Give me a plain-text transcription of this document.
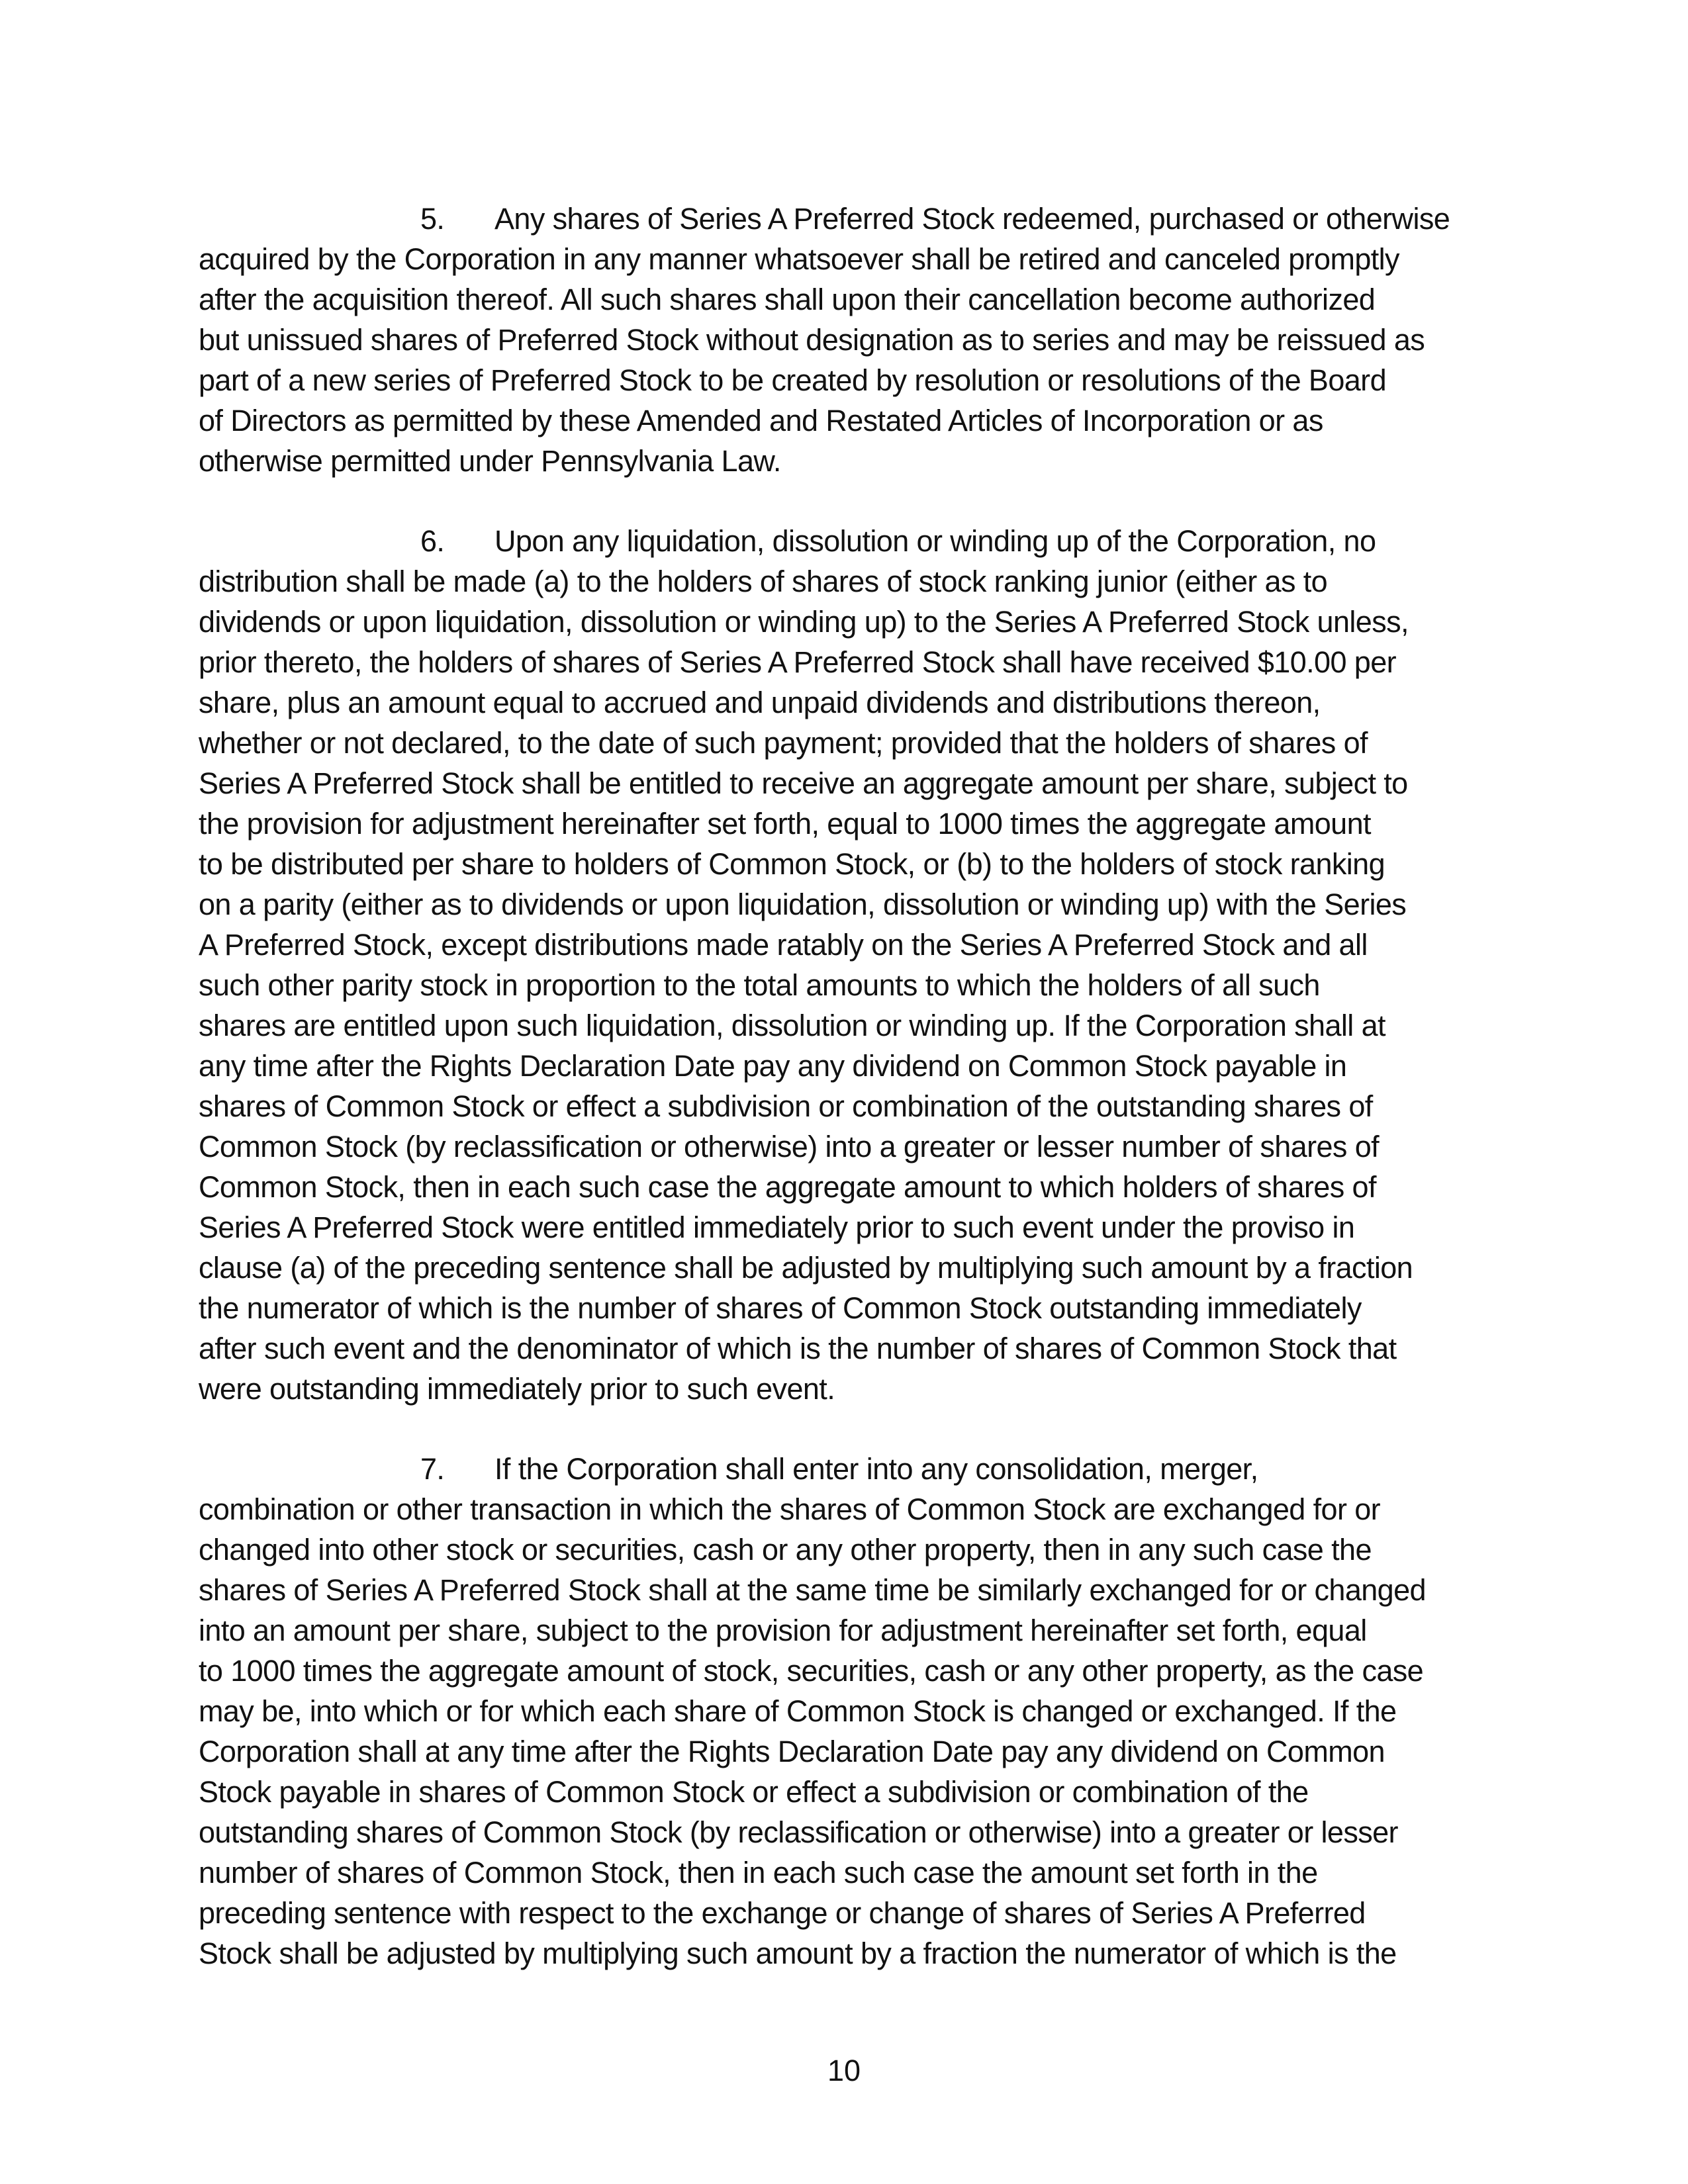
5. Any shares of Series A Preferred Stock redeemed, purchased or otherwise
acquired by the Corporation in any manner whatsoever shall be retired and canceled promptly
after the acquisition thereof. All such shares shall upon their cancellation become authorized
but unissued shares of Preferred Stock without designation as to series and may be reissued as
part of a new series of Preferred Stock to be created by resolution or resolutions of the Board
of Directors as permitted by these Amended and Restated Articles of Incorporation or as
otherwise permitted under Pennsylvania Law.
6. Upon any liquidation, dissolution or winding up of the Corporation, no
distribution shall be made (a) to the holders of shares of stock ranking junior (either as to
dividends or upon liquidation, dissolution or winding up) to the Series A Preferred Stock unless,
prior thereto, the holders of shares of Series A Preferred Stock shall have received $10.00 per
share, plus an amount equal to accrued and unpaid dividends and distributions thereon,
whether or not declared, to the date of such payment; provided that the holders of shares of
Series A Preferred Stock shall be entitled to receive an aggregate amount per share, subject to
the provision for adjustment hereinafter set forth, equal to 1000 times the aggregate amount
to be distributed per share to holders of Common Stock, or (b) to the holders of stock ranking
on a parity (either as to dividends or upon liquidation, dissolution or winding up) with the Series
A Preferred Stock, except distributions made ratably on the Series A Preferred Stock and all
such other parity stock in proportion to the total amounts to which the holders of all such
shares are entitled upon such liquidation, dissolution or winding up. If the Corporation shall at
any time after the Rights Declaration Date pay any dividend on Common Stock payable in
shares of Common Stock or effect a subdivision or combination of the outstanding shares of
Common Stock (by reclassification or otherwise) into a greater or lesser number of shares of
Common Stock, then in each such case the aggregate amount to which holders of shares of
Series A Preferred Stock were entitled immediately prior to such event under the proviso in
clause (a) of the preceding sentence shall be adjusted by multiplying such amount by a fraction
the numerator of which is the number of shares of Common Stock outstanding immediately
after such event and the denominator of which is the number of shares of Common Stock that
were outstanding immediately prior to such event.
7. If the Corporation shall enter into any consolidation, merger,
combination or other transaction in which the shares of Common Stock are exchanged for or
changed into other stock or securities, cash or any other property, then in any such case the
shares of Series A Preferred Stock shall at the same time be similarly exchanged for or changed
into an amount per share, subject to the provision for adjustment hereinafter set forth, equal
to 1000 times the aggregate amount of stock, securities, cash or any other property, as the case
may be, into which or for which each share of Common Stock is changed or exchanged. If the
Corporation shall at any time after the Rights Declaration Date pay any dividend on Common
Stock payable in shares of Common Stock or effect a subdivision or combination of the
outstanding shares of Common Stock (by reclassification or otherwise) into a greater or lesser
number of shares of Common Stock, then in each such case the amount set forth in the
preceding sentence with respect to the exchange or change of shares of Series A Preferred
Stock shall be adjusted by multiplying such amount by a fraction the numerator of which is the
10
